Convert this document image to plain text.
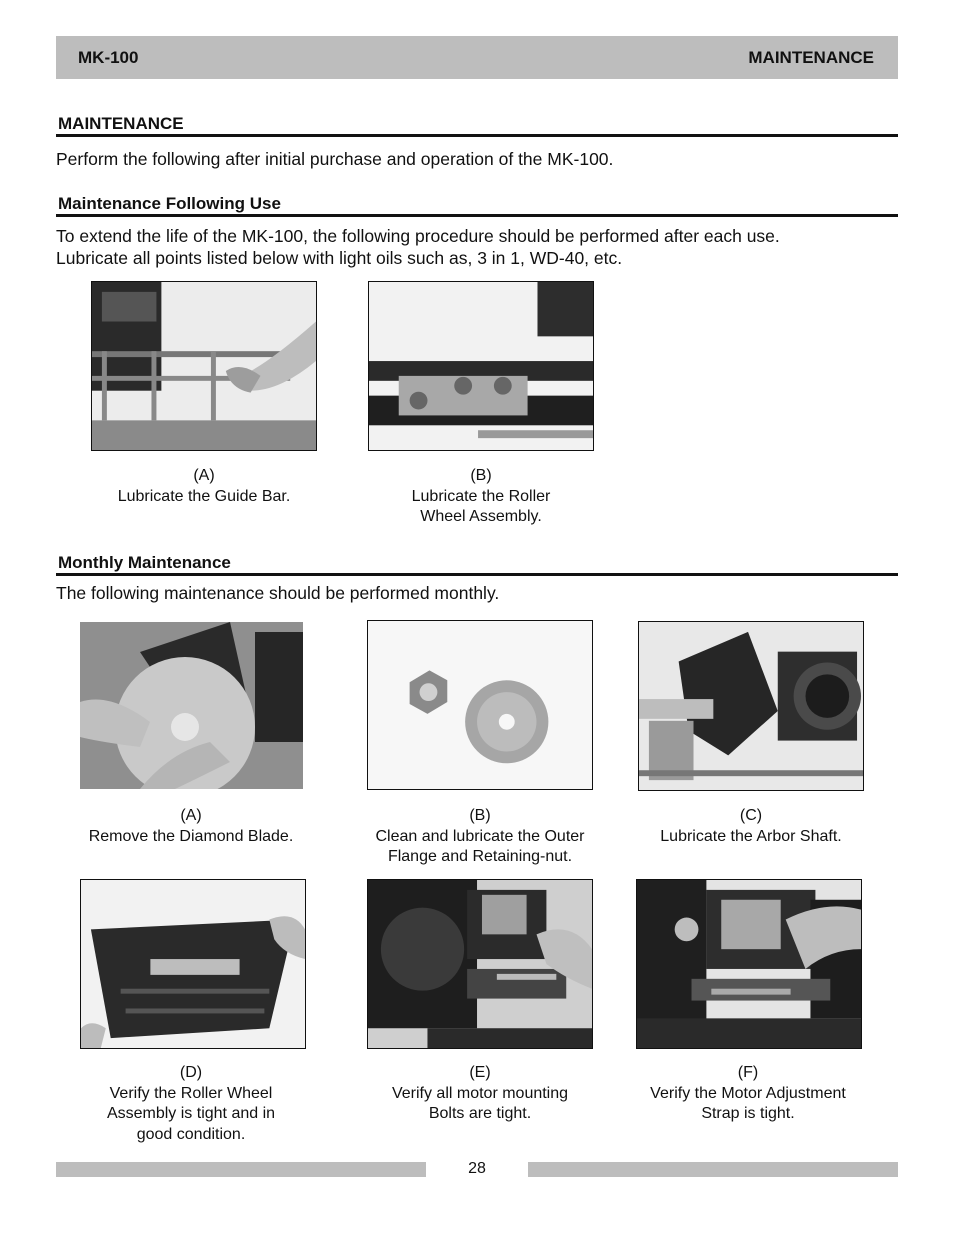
MK-100	MAINTENANCE
MAINTENANCE
Perform the following after initial purchase and operation of the MK-100.
Maintenance Following Use
To extend the life of the MK-100, the following procedure should be performed after each use.
Lubricate all points listed below with light oils such as, 3 in 1, WD-40, etc.
(A)
Lubricate the Guide Bar.
(B)
Lubricate the Roller
Wheel Assembly.
Monthly Maintenance
The following maintenance should be performed monthly.
(A)
Remove the Diamond Blade.
(B)
Clean and lubricate the Outer
Flange and Retaining-nut.
(C)
Lubricate the Arbor Shaft.
(D)
Verify the Roller Wheel
Assembly is tight and in
good condition.
(E)
Verify all motor mounting
Bolts are tight.
(F)
Verify the Motor Adjustment
Strap is tight.
28
